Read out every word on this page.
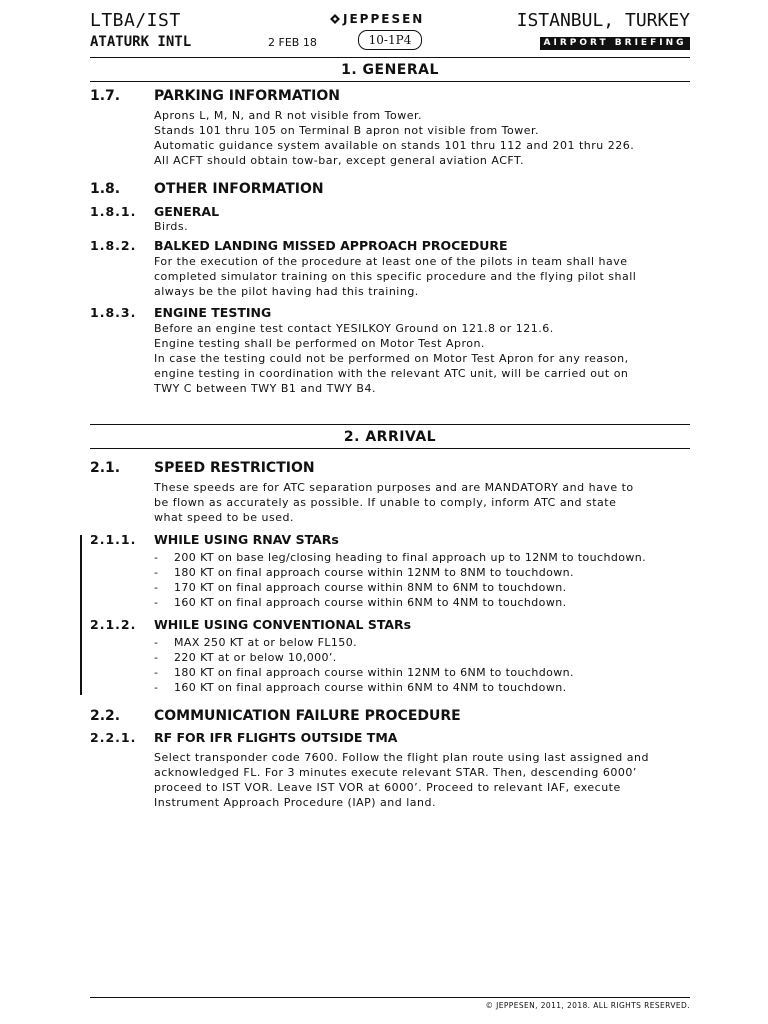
LTBA/IST
ATATURK INTL
JEPPESEN
2 FEB 18	10-1P4
ISTANBUL, TURKEY
AIRPORT BRIEFING
1. GENERAL
1.7. PARKING INFORMATION
Aprons L, M, N, and R not visible from Tower.
Stands 101 thru 105 on Terminal B apron not visible from Tower.
Automatic guidance system available on stands 101 thru 112 and 201 thru 226.
All ACFT should obtain tow-bar, except general aviation ACFT.
1.8. OTHER INFORMATION
1.8.1. GENERAL
Birds.
1.8.2. BALKED LANDING MISSED APPROACH PROCEDURE
For the execution of the procedure at least one of the pilots in team shall have
completed simulator training on this specific procedure and the flying pilot shall
always be the pilot having had this training.
1.8.3. ENGINE TESTING
Before an engine test contact YESILKOY Ground on 121.8 or 121.6.
Engine testing shall be performed on Motor Test Apron.
In case the testing could not be performed on Motor Test Apron for any reason,
engine testing in coordination with the relevant ATC unit, will be carried out on
TWY C between TWY B1 and TWY B4.
2. ARRIVAL
2.1. SPEED RESTRICTION
These speeds are for ATC separation purposes and are MANDATORY and have to
be flown as accurately as possible. If unable to comply, inform ATC and state
what speed to be used.
2.1.1. WHILE USING RNAV STARs
- 200 KT on base leg/closing heading to final approach up to 12NM to touchdown.
- 180 KT on final approach course within 12NM to 8NM to touchdown.
- 170 KT on final approach course within 8NM to 6NM to touchdown.
- 160 KT on final approach course within 6NM to 4NM to touchdown.
2.1.2. WHILE USING CONVENTIONAL STARs
- MAX 250 KT at or below FL150.
- 220 KT at or below 10,000’.
- 180 KT on final approach course within 12NM to 6NM to touchdown.
- 160 KT on final approach course within 6NM to 4NM to touchdown.
2.2. COMMUNICATION FAILURE PROCEDURE
2.2.1. RF FOR IFR FLIGHTS OUTSIDE TMA
Select transponder code 7600. Follow the flight plan route using last assigned and
acknowledged FL. For 3 minutes execute relevant STAR. Then, descending 6000’
proceed to IST VOR. Leave IST VOR at 6000’. Proceed to relevant IAF, execute
Instrument Approach Procedure (IAP) and land.
© JEPPESEN, 2011, 2018. ALL RIGHTS RESERVED.
